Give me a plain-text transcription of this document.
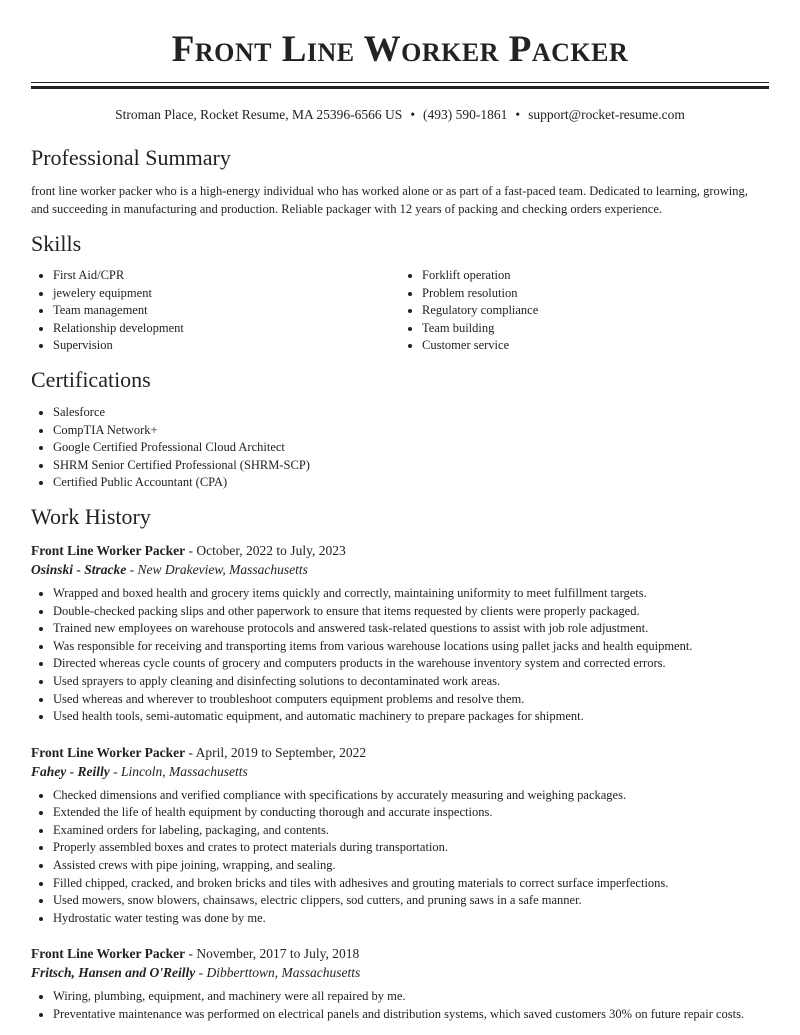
Front Line Worker Packer
Stroman Place, Rocket Resume, MA 25396-6566 US • (493) 590-1861 • support@rocket-resume.com
Professional Summary

front line worker packer who is a high-energy individual who has worked alone or as part of a fast-paced team. Dedicated to learning, growing, and succeeding in manufacturing and production. Reliable packager with 12 years of packing and checking orders experience.

Skills
• First Aid/CPR
• jewelery equipment
• Team management
• Relationship development
• Supervision
• Forklift operation
• Problem resolution
• Regulatory compliance
• Team building
• Customer service
Certifications
• Salesforce
• CompTIA Network+
• Google Certified Professional Cloud Architect
• SHRM Senior Certified Professional (SHRM-SCP)
• Certified Public Accountant (CPA)
Work History
Front Line Worker Packer - October, 2022 to July, 2023
Osinski - Stracke - New Drakeview, Massachusetts
• Wrapped and boxed health and grocery items quickly and correctly, maintaining uniformity to meet fulfillment targets.
• Double-checked packing slips and other paperwork to ensure that items requested by clients were properly packaged.
• Trained new employees on warehouse protocols and answered task-related questions to assist with job role adjustment.
• Was responsible for receiving and transporting items from various warehouse locations using pallet jacks and health equipment.
• Directed whereas cycle counts of grocery and computers products in the warehouse inventory system and corrected errors.
• Used sprayers to apply cleaning and disinfecting solutions to decontaminated work areas.
• Used whereas and wherever to troubleshoot computers equipment problems and resolve them.
• Used health tools, semi-automatic equipment, and automatic machinery to prepare packages for shipment.
Front Line Worker Packer - April, 2019 to September, 2022
Fahey - Reilly - Lincoln, Massachusetts
• Checked dimensions and verified compliance with specifications by accurately measuring and weighing packages.
• Extended the life of health equipment by conducting thorough and accurate inspections.
• Examined orders for labeling, packaging, and contents.
• Properly assembled boxes and crates to protect materials during transportation.
• Assisted crews with pipe joining, wrapping, and sealing.
• Filled chipped, cracked, and broken bricks and tiles with adhesives and grouting materials to correct surface imperfections.
• Used mowers, snow blowers, chainsaws, electric clippers, sod cutters, and pruning saws in a safe manner.
• Hydrostatic water testing was done by me.
Front Line Worker Packer - November, 2017 to July, 2018
Fritsch, Hansen and O'Reilly - Dibberttown, Massachusetts
• Wiring, plumbing, equipment, and machinery were all repaired by me.
• Preventative maintenance was performed on electrical panels and distribution systems, which saved customers 30% on future repair costs.
